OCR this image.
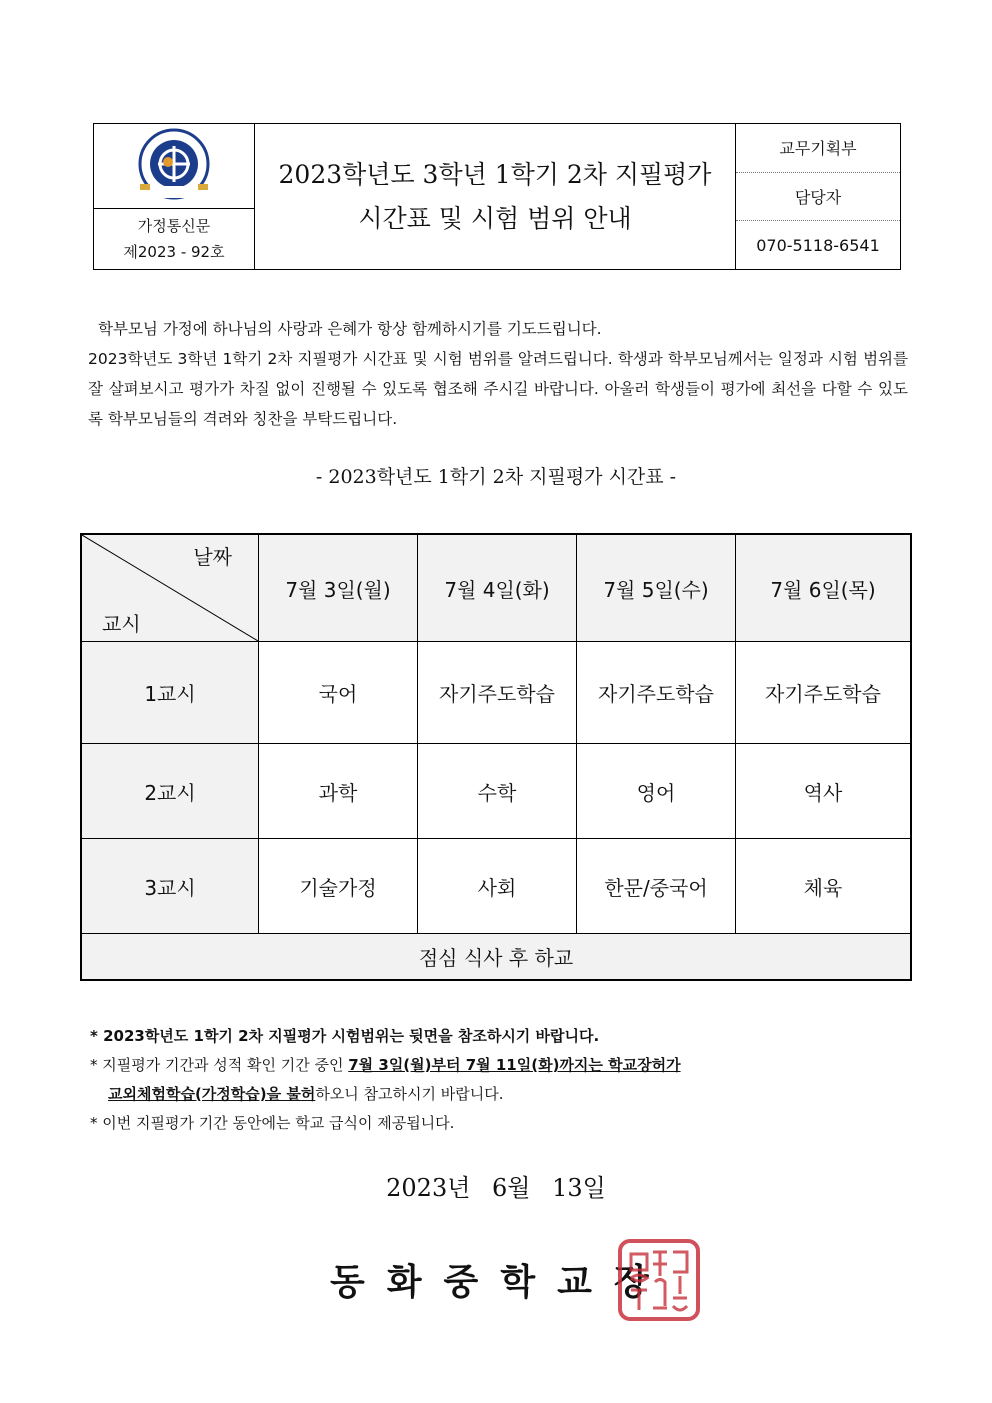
가정통신문
제2023 - 92호
2023학년도 3학년 1학기 2차 지필평가
시간표 및 시험 범위 안내
교무기획부
담당자
070-5118-6541

학부모님 가정에 하나님의 사랑과 은혜가 항상 함께하시기를 기도드립니다.

2023학년도 3학년 1학기 2차 지필평가 시간표 및 시험 범위를 알려드립니다. 학생과 학부모님께서는 일정과 시험 범위를 잘 살펴보시고 평가가 차질 없이 진행될 수 있도록 협조해 주시길 바랍니다. 아울러 학생들이 평가에 최선을 다할 수 있도록 학부모님들의 격려와 칭찬을 부탁드립니다.

- 2023학년도 1학기 2차 지필평가 시간표 -
날짜
교시	7월 3일(월)	7월 4일(화)	7월 5일(수)	7월 6일(목)
1교시	국어	자기주도학습	자기주도학습	자기주도학습
2교시	과학	수학	영어	역사
3교시	기술가정	사회	한문/중국어	체육
점심 식사 후 하교				
* 2023학년도 1학기 2차 지필평가 시험범위는 뒷면을 참조하시기 바랍니다.
* 지필평가 기간과 성적 확인 기간 중인 7월 3일(월)부터 7월 11일(화)까지는 학교장허가
교외체험학습(가정학습)을 불허하오니 참고하시기 바랍니다.
* 이번 지필평가 기간 동안에는 학교 급식이 제공됩니다.
2023년 6월 13일
동화중학교장
